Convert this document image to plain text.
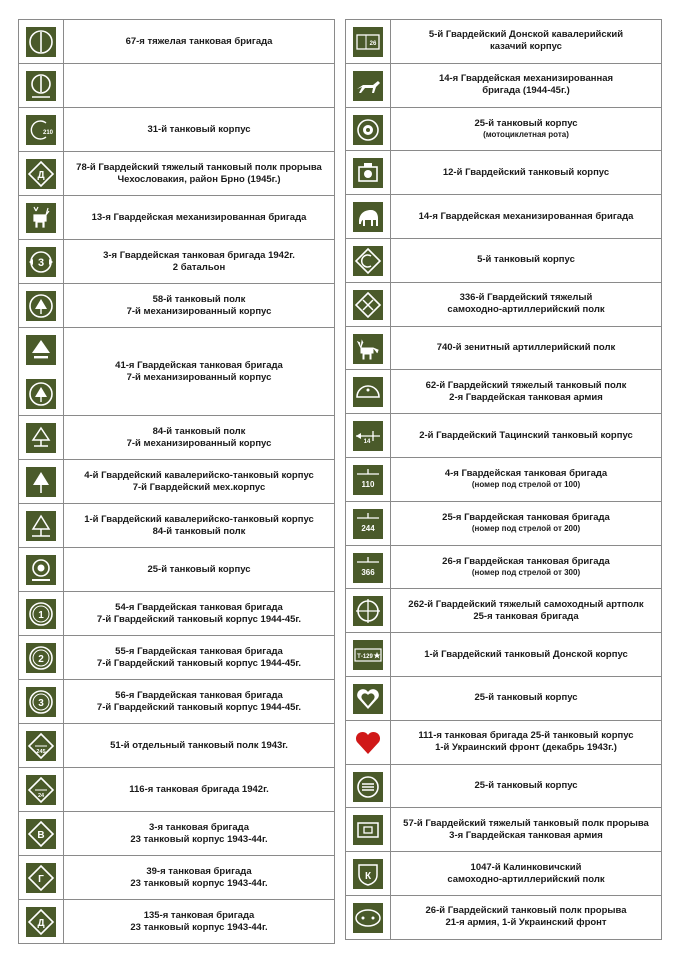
67-я тяжелая танковая бригада
210	31-й танковый корпус
Д
78-й Гвардейский тяжелый танковый полк прорыва
Чехословакия, район Брно (1945г.)
13-я Гвардейская механизированная бригада
3
3-я Гвардейская танковая бригада 1942г.
2 батальон
58-й танковый полк
7-й механизированный корпус
41-я Гвардейская танковая бригада
7-й механизированный корпус
84-й танковый полк
7-й механизированный корпус
4-й Гвардейский кавалерийско-танковый корпус
7-й Гвардейский мех.корпус
1-й Гвардейский кавалерийско-танковый корпус
84-й танковый полк
25-й танковый корпус
1
54-я Гвардейская танковая бригада
7-й Гвардейский танковый корпус 1944-45г.
2
55-я Гвардейская танковая бригада
7-й Гвардейский танковый корпус 1944-45г.
3
56-я Гвардейская танковая бригада
7-й Гвардейский танковый корпус 1944-45г.
245
51-й отдельный танковый полк 1943г.
24
116-я танковая бригада 1942г.
В
3-я танковая бригада
23 танковый корпус 1943-44г.
Г
39-я танковая бригада
23 танковый корпус 1943-44г.
Д
135-я танковая бригада
23 танковый корпус 1943-44г.
26
5-й Гвардейский Донской кавалерийский
казачий корпус
14-я Гвардейская механизированная
бригада (1944-45г.)
25-й танковый корпус
(мотоциклетная рота)
12-й Гвардейский танковый корпус
14-я Гвардейская механизированная бригада
5-й танковый корпус
336-й Гвардейский тяжелый
самоходно-артиллерийский полк
740-й зенитный артиллерийский полк
62-й Гвардейский тяжелый танковый полк
2-я Гвардейская танковая армия
14
2-й Гвардейский Тацинский танковый корпус
110
4-я Гвардейская танковая бригада
(номер под стрелой от 100)
244
25-я Гвардейская танковая бригада
(номер под стрелой от 200)
366
26-я Гвардейская танковая бригада
(номер под стрелой от 300)
262-й Гвардейский тяжелый самоходный артполк
25-я танковая бригада
Т-129	1-й Гвардейский танковый Донской корпус
25-й танковый корпус
111-я танковая бригада 25-й танковый корпус
1-й Украинский фронт (декабрь 1943г.)
25-й танковый корпус
57-й Гвардейский тяжелый танковый полк прорыва
3-я Гвардейская танковая армия
К
1047-й Калинковичский
самоходно-артиллерийский полк
26-й Гвардейский танковый полк прорыва
21-я армия, 1-й Украинский фронт
